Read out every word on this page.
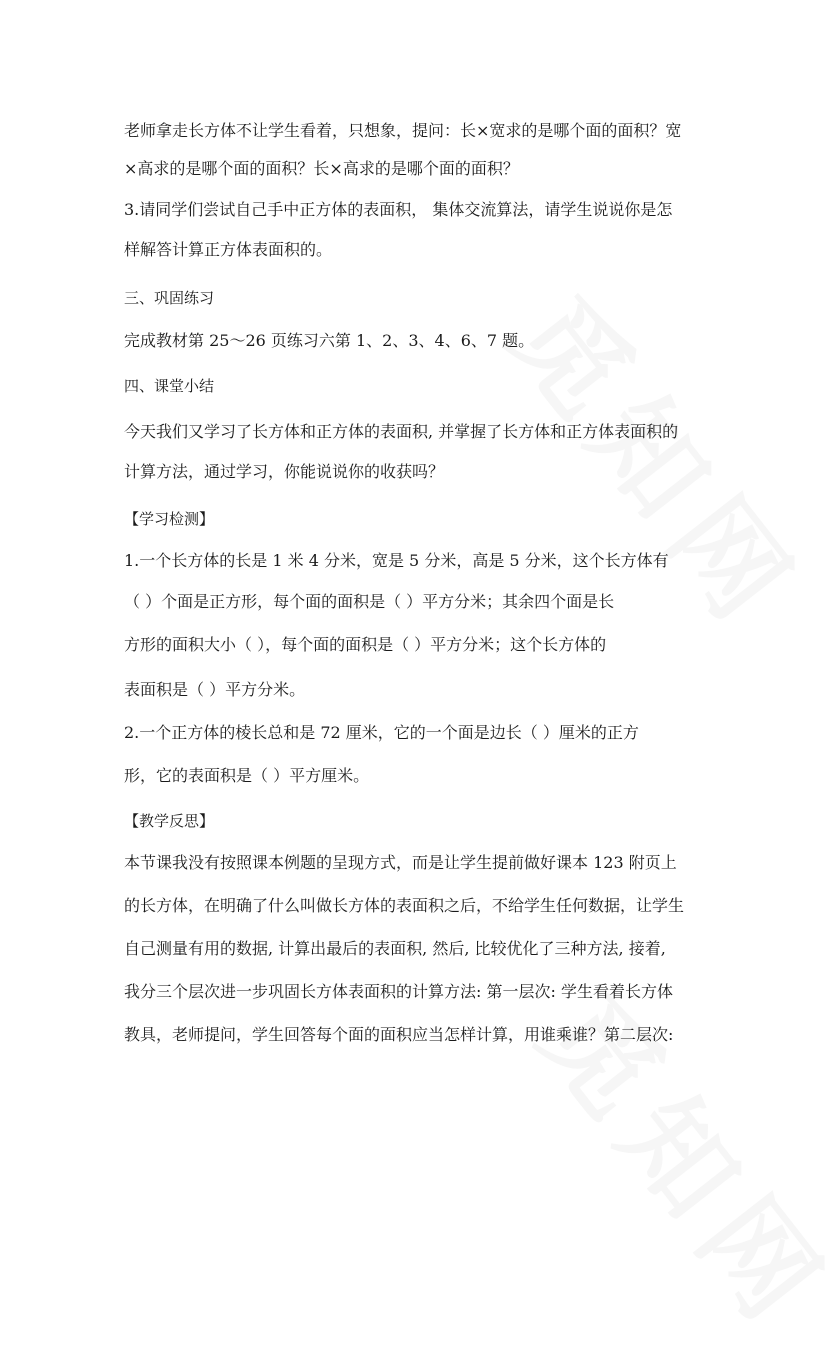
老师拿走长方体不让学生看着，只想象，提问：长×宽求的是哪个面的面积？宽
×高求的是哪个面的面积？长×高求的是哪个面的面积？
3.请同学们尝试自己手中正方体的表面积， 集体交流算法，请学生说说你是怎
样解答计算正方体表面积的。
三、巩固练习
完成教材第 25～26 页练习六第 1、2、3、4、6、7 题。
四、课堂小结
今天我们又学习了长方体和正方体的表面积, 并掌握了长方体和正方体表面积的
计算方法，通过学习，你能说说你的收获吗？
【学习检测】
1.一个长方体的长是 1 米 4 分米，宽是 5 分米，高是 5 分米，这个长方体有
（ ）个面是正方形，每个面的面积是（ ）平方分米；其余四个面是长
方形的面积大小（ ），每个面的面积是（ ）平方分米；这个长方体的
表面积是（ ）平方分米。
2.一个正方体的棱长总和是 72 厘米，它的一个面是边长（ ）厘米的正方
形，它的表面积是（ ）平方厘米。
【教学反思】
本节课我没有按照课本例题的呈现方式，而是让学生提前做好课本 123 附页上
的长方体，在明确了什么叫做长方体的表面积之后，不给学生任何数据，让学生
自己测量有用的数据, 计算出最后的表面积, 然后, 比较优化了三种方法, 接着,
我分三个层次进一步巩固长方体表面积的计算方法: 第一层次: 学生看着长方体
教具，老师提问，学生回答每个面的面积应当怎样计算，用谁乘谁？第二层次:
